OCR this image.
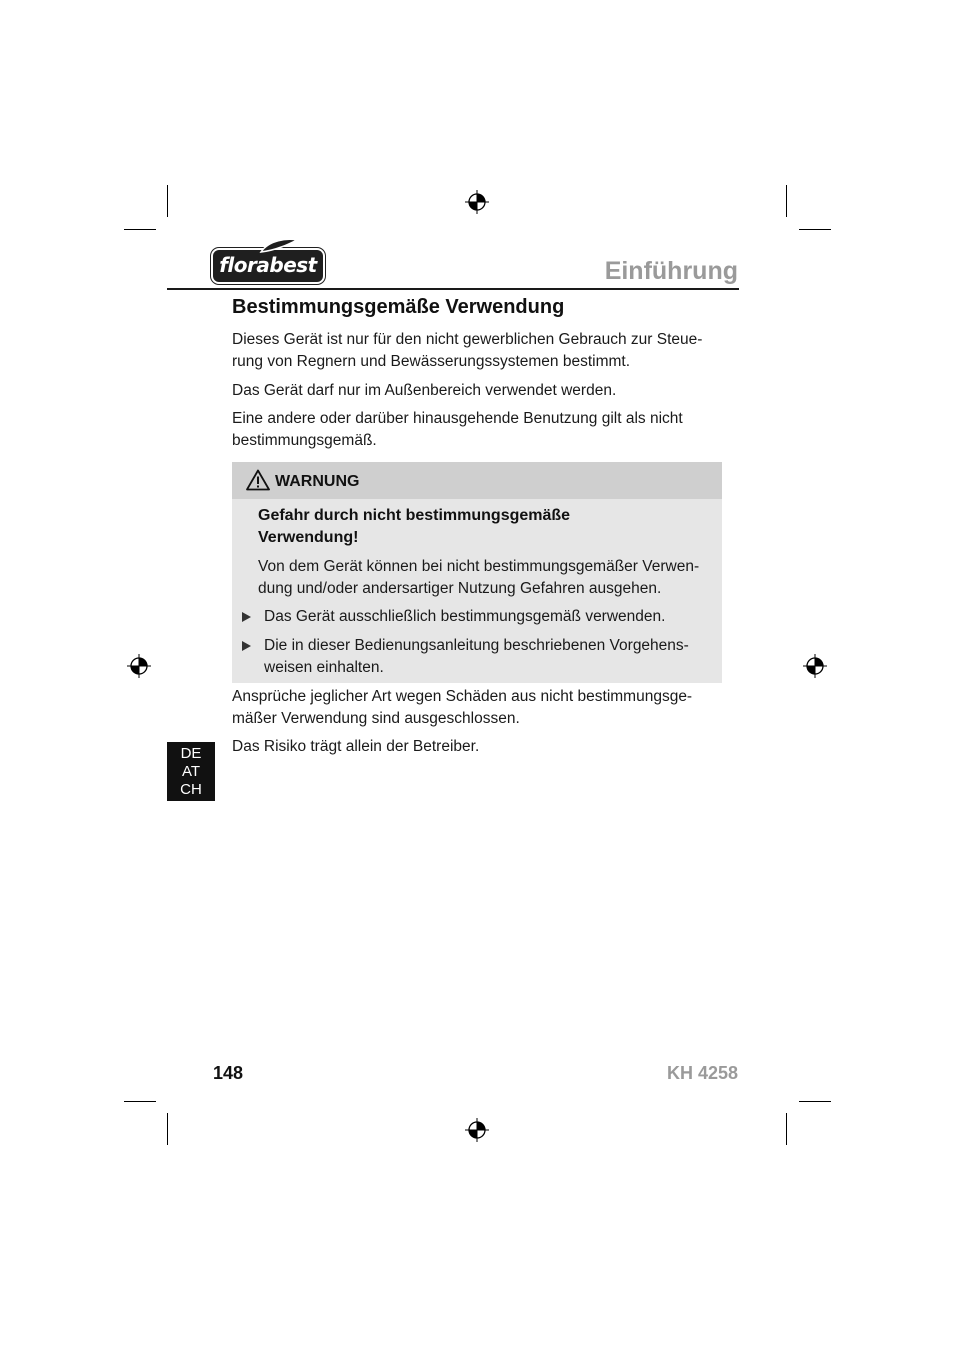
florabest	Einführung
Bestimmungsgemäße Verwendung

Dieses Gerät ist nur für den nicht gewerblichen Gebrauch zur Steue-
rung von Regnern und Bewässerungssystemen bestimmt.

Das Gerät darf nur im Außenbereich verwendet werden.

Eine andere oder darüber hinausgehende Benutzung gilt als nicht
bestimmungsgemäß.

WARNUNG

Gefahr durch nicht bestimmungsgemäße
Verwendung!

Von dem Gerät können bei nicht bestimmungsgemäßer Verwen-
dung und/oder andersartiger Nutzung Gefahren ausgehen.

Das Gerät ausschließlich bestimmungsgemäß verwenden.

Die in dieser Bedienungsanleitung beschriebenen Vorgehens-
weisen einhalten.

Ansprüche jeglicher Art wegen Schäden aus nicht bestimmungsge-
mäßer Verwendung sind ausgeschlossen.

Das Risiko trägt allein der Betreiber.

DE
AT
CH
148	KH 4258
